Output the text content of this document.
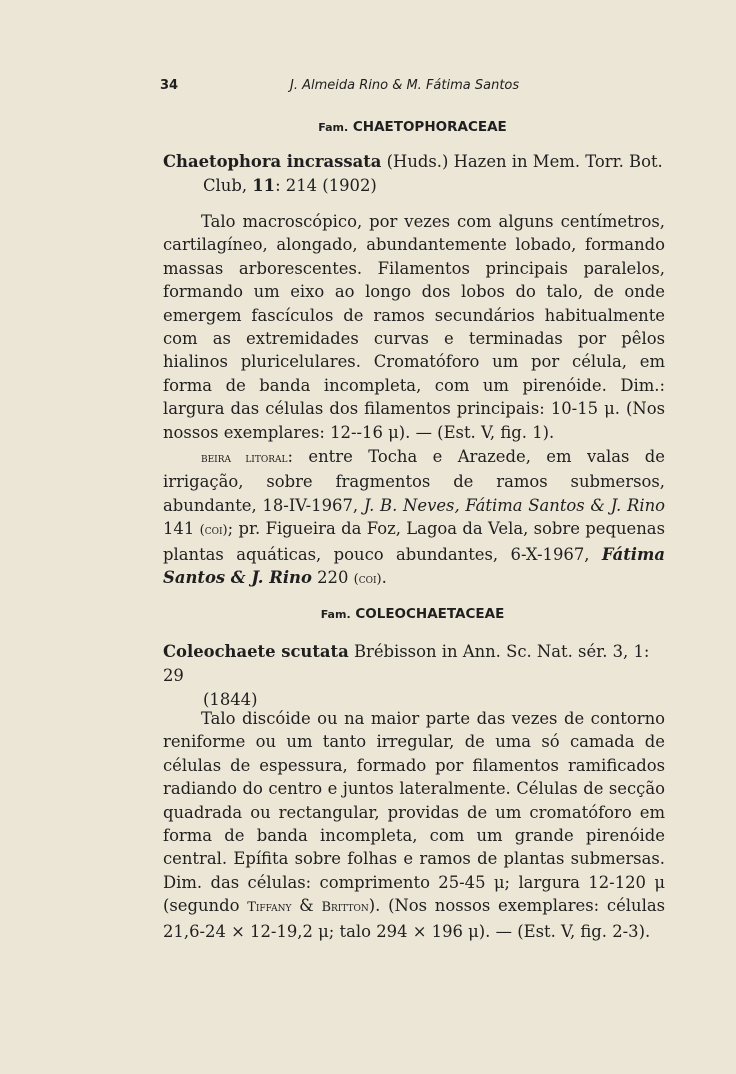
34	J. Almeida Rino & M. Fátima Santos
Fam. CHAETOPHORACEAE
Chaetophora incrassata (Huds.) Hazen in Mem. Torr. Bot.
Club, 11: 214 (1902)

Talo macroscópico, por vezes com alguns centímetros, cartilagíneo, alongado, abundantemente lobado, formando massas arborescentes. Filamentos principais paralelos, formando um eixo ao longo dos lobos do talo, de onde emergem fascículos de ramos secundários habitualmente com as extremidades curvas e terminadas por pêlos hialinos pluricelulares. Cromatóforo um por célula, em forma de banda incompleta, com um pirenóide. Dim.: largura das células dos filamentos principais: 10-15 μ. (Nos nossos exemplares: 12--16 μ). — (Est. V, fig. 1).

beira litoral: entre Tocha e Arazede, em valas de irrigação, sobre fragmentos de ramos submersos, abundante, 18-IV-1967, J. B. Neves, Fátima Santos & J. Rino 141 (coi); pr. Figueira da Foz, Lagoa da Vela, sobre pequenas plantas aquáticas, pouco abundantes, 6-X-1967, Fátima Santos & J. Rino 220 (coi).

Fam. COLEOCHAETACEAE
Coleochaete scutata Brébisson in Ann. Sc. Nat. sér. 3, 1: 29
(1844)

Talo discóide ou na maior parte das vezes de contorno reniforme ou um tanto irregular, de uma só camada de células de espessura, formado por filamentos ramificados radiando do centro e juntos lateralmente. Células de secção quadrada ou rectangular, providas de um cromatóforo em forma de banda incompleta, com um grande pirenóide central. Epífita sobre folhas e ramos de plantas submersas. Dim. das células: comprimento 25-45 μ; largura 12-120 μ (segundo Tiffany & Britton). (Nos nossos exemplares: células 21,6-24 × 12-19,2 μ; talo 294 × 196 μ). — (Est. V, fig. 2-3).
